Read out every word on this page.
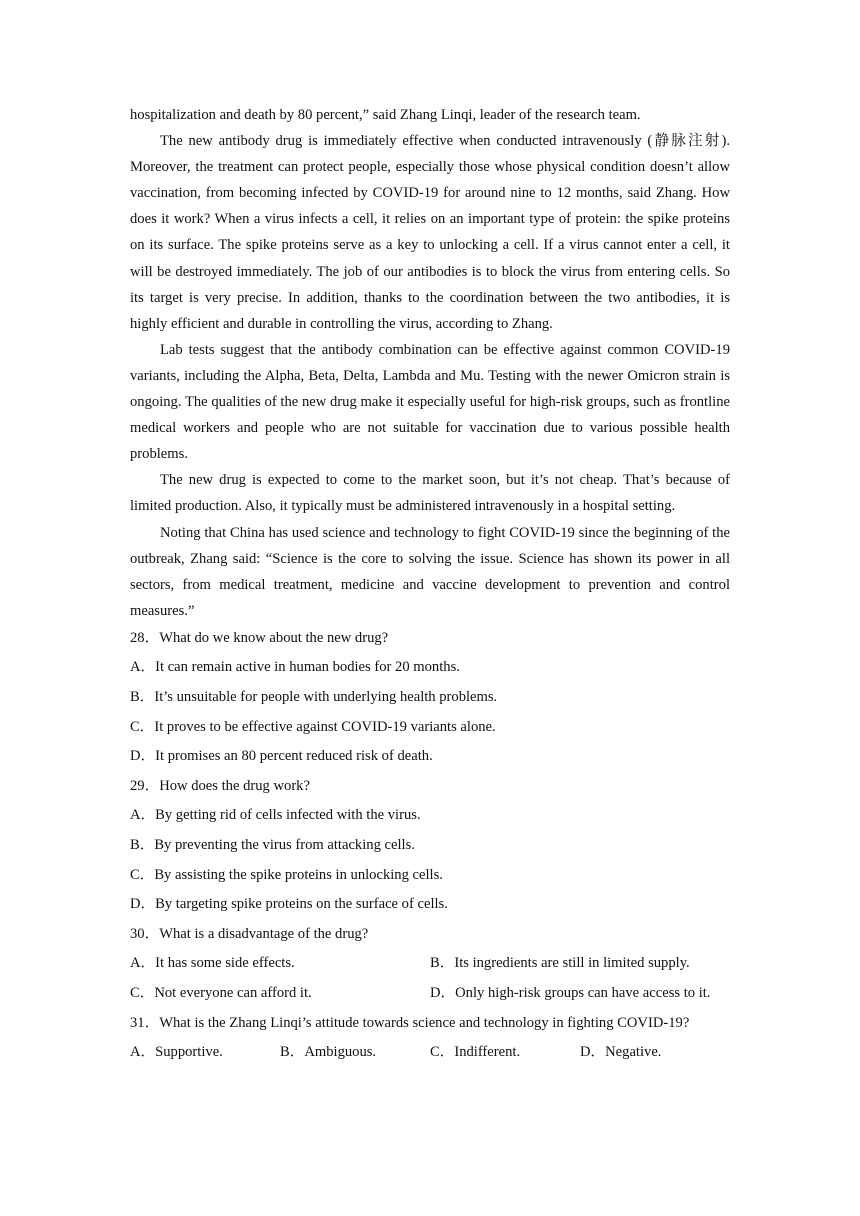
hospitalization and death by 80 percent,” said Zhang Linqi, leader of the research team.

The new antibody drug is immediately effective when conducted intravenously (静脉注射). Moreover, the treatment can protect people, especially those whose physical condition doesn’t allow vaccination, from becoming infected by COVID-19 for around nine to 12 months, said Zhang. How does it work? When a virus infects a cell, it relies on an important type of protein: the spike proteins on its surface. The spike proteins serve as a key to unlocking a cell. If a virus cannot enter a cell, it will be destroyed immediately. The job of our antibodies is to block the virus from entering cells. So its target is very precise. In addition, thanks to the coordination between the two antibodies, it is highly efficient and durable in controlling the virus, according to Zhang.

Lab tests suggest that the antibody combination can be effective against common COVID-19 variants, including the Alpha, Beta, Delta, Lambda and Mu. Testing with the newer Omicron strain is ongoing. The qualities of the new drug make it especially useful for high-risk groups, such as frontline medical workers and people who are not suitable for vaccination due to various possible health problems.

The new drug is expected to come to the market soon, but it’s not cheap. That’s because of limited production. Also, it typically must be administered intravenously in a hospital setting.

Noting that China has used science and technology to fight COVID-19 since the beginning of the outbreak, Zhang said: “Science is the core to solving the issue. Science has shown its power in all sectors, from medical treatment, medicine and vaccine development to prevention and control measures.”

28．What do we know about the new drug?

A．It can remain active in human bodies for 20 months.

B．It’s unsuitable for people with underlying health problems.

C．It proves to be effective against COVID-19 variants alone.

D．It promises an 80 percent reduced risk of death.

29．How does the drug work?

A．By getting rid of cells infected with the virus.

B．By preventing the virus from attacking cells.

C．By assisting the spike proteins in unlocking cells.

D．By targeting spike proteins on the surface of cells.

30．What is a disadvantage of the drug?

A．It has some side effects.	B．Its ingredients are still in limited supply.
C．Not everyone can afford it.	D．Only high-risk groups can have access to it.

31．What is the Zhang Linqi’s attitude towards science and technology in fighting COVID-19?

A．Supportive.	B．Ambiguous.	C．Indifferent.	D．Negative.
